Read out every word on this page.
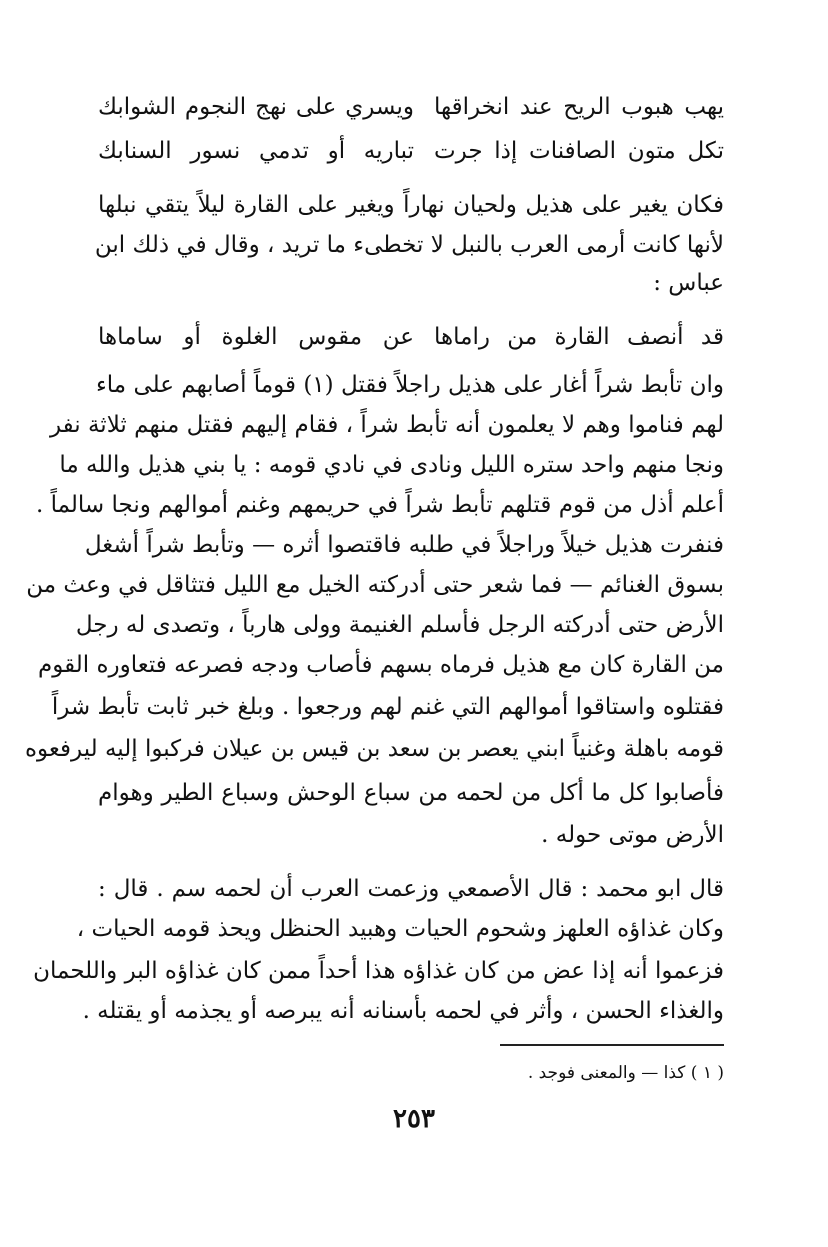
يهب هبوب الريح عند انخراقها
ويسري على نهج النجوم الشوابك
تكل متون الصافنات إذا جرت
تباريه أو تدمي نسور السنابك
فكان يغير على هذيل ولحيان نهاراً ويغير على القارة ليلاً يتقي نبلها
لأنها كانت أرمى العرب بالنبل لا تخطىء ما تريد ، وقال في ذلك ابن
عباس :
قد أنصف القارة من راماها
عن مقوس الغلوة أو ساماها
وان تأبط شراً أغار على هذيل راجلاً فقتل (١) قوماً أصابهم على ماء
لهم فناموا وهم لا يعلمون أنه تأبط شراً ، فقام إليهم فقتل منهم ثلاثة نفر
ونجا منهم واحد ستره الليل ونادى في نادي قومه : يا بني هذيل والله ما
أعلم أذل من قوم قتلهم تأبط شراً في حريمهم وغنم أموالهم ونجا سالماً .
فنفرت هذيل خيلاً وراجلاً في طلبه فاقتصوا أثره — وتأبط شراً أشغل
بسوق الغنائم — فما شعر حتى أدركته الخيل مع الليل فتثاقل في وعث من
الأرض حتى أدركته الرجل فأسلم الغنيمة وولى هارباً ، وتصدى له رجل
من القارة كان مع هذيل فرماه بسهم فأصاب ودجه فصرعه فتعاوره القوم
فقتلوه واستاقوا أموالهم التي غنم لهم ورجعوا . وبلغ خبر ثابت تأبط شراً
قومه باهلة وغنياً ابني يعصر بن سعد بن قيس بن عيلان فركبوا إليه ليرفعوه
فأصابوا كل ما أكل من لحمه من سباع الوحش وسباع الطير وهوام
الأرض موتى حوله .
قال ابو محمد : قال الأصمعي وزعمت العرب أن لحمه سم . قال :
وكان غذاؤه العلهز وشحوم الحيات وهبيد الحنظل ويحذ قومه الحيات ،
فزعموا أنه إذا عض من كان غذاؤه هذا أحداً ممن كان غذاؤه البر واللحمان
والغذاء الحسن ، وأثر في لحمه بأسنانه أنه يبرصه أو يجذمه أو يقتله .
( ١ ) كذا — والمعنى فوجد .
٢٥٣
